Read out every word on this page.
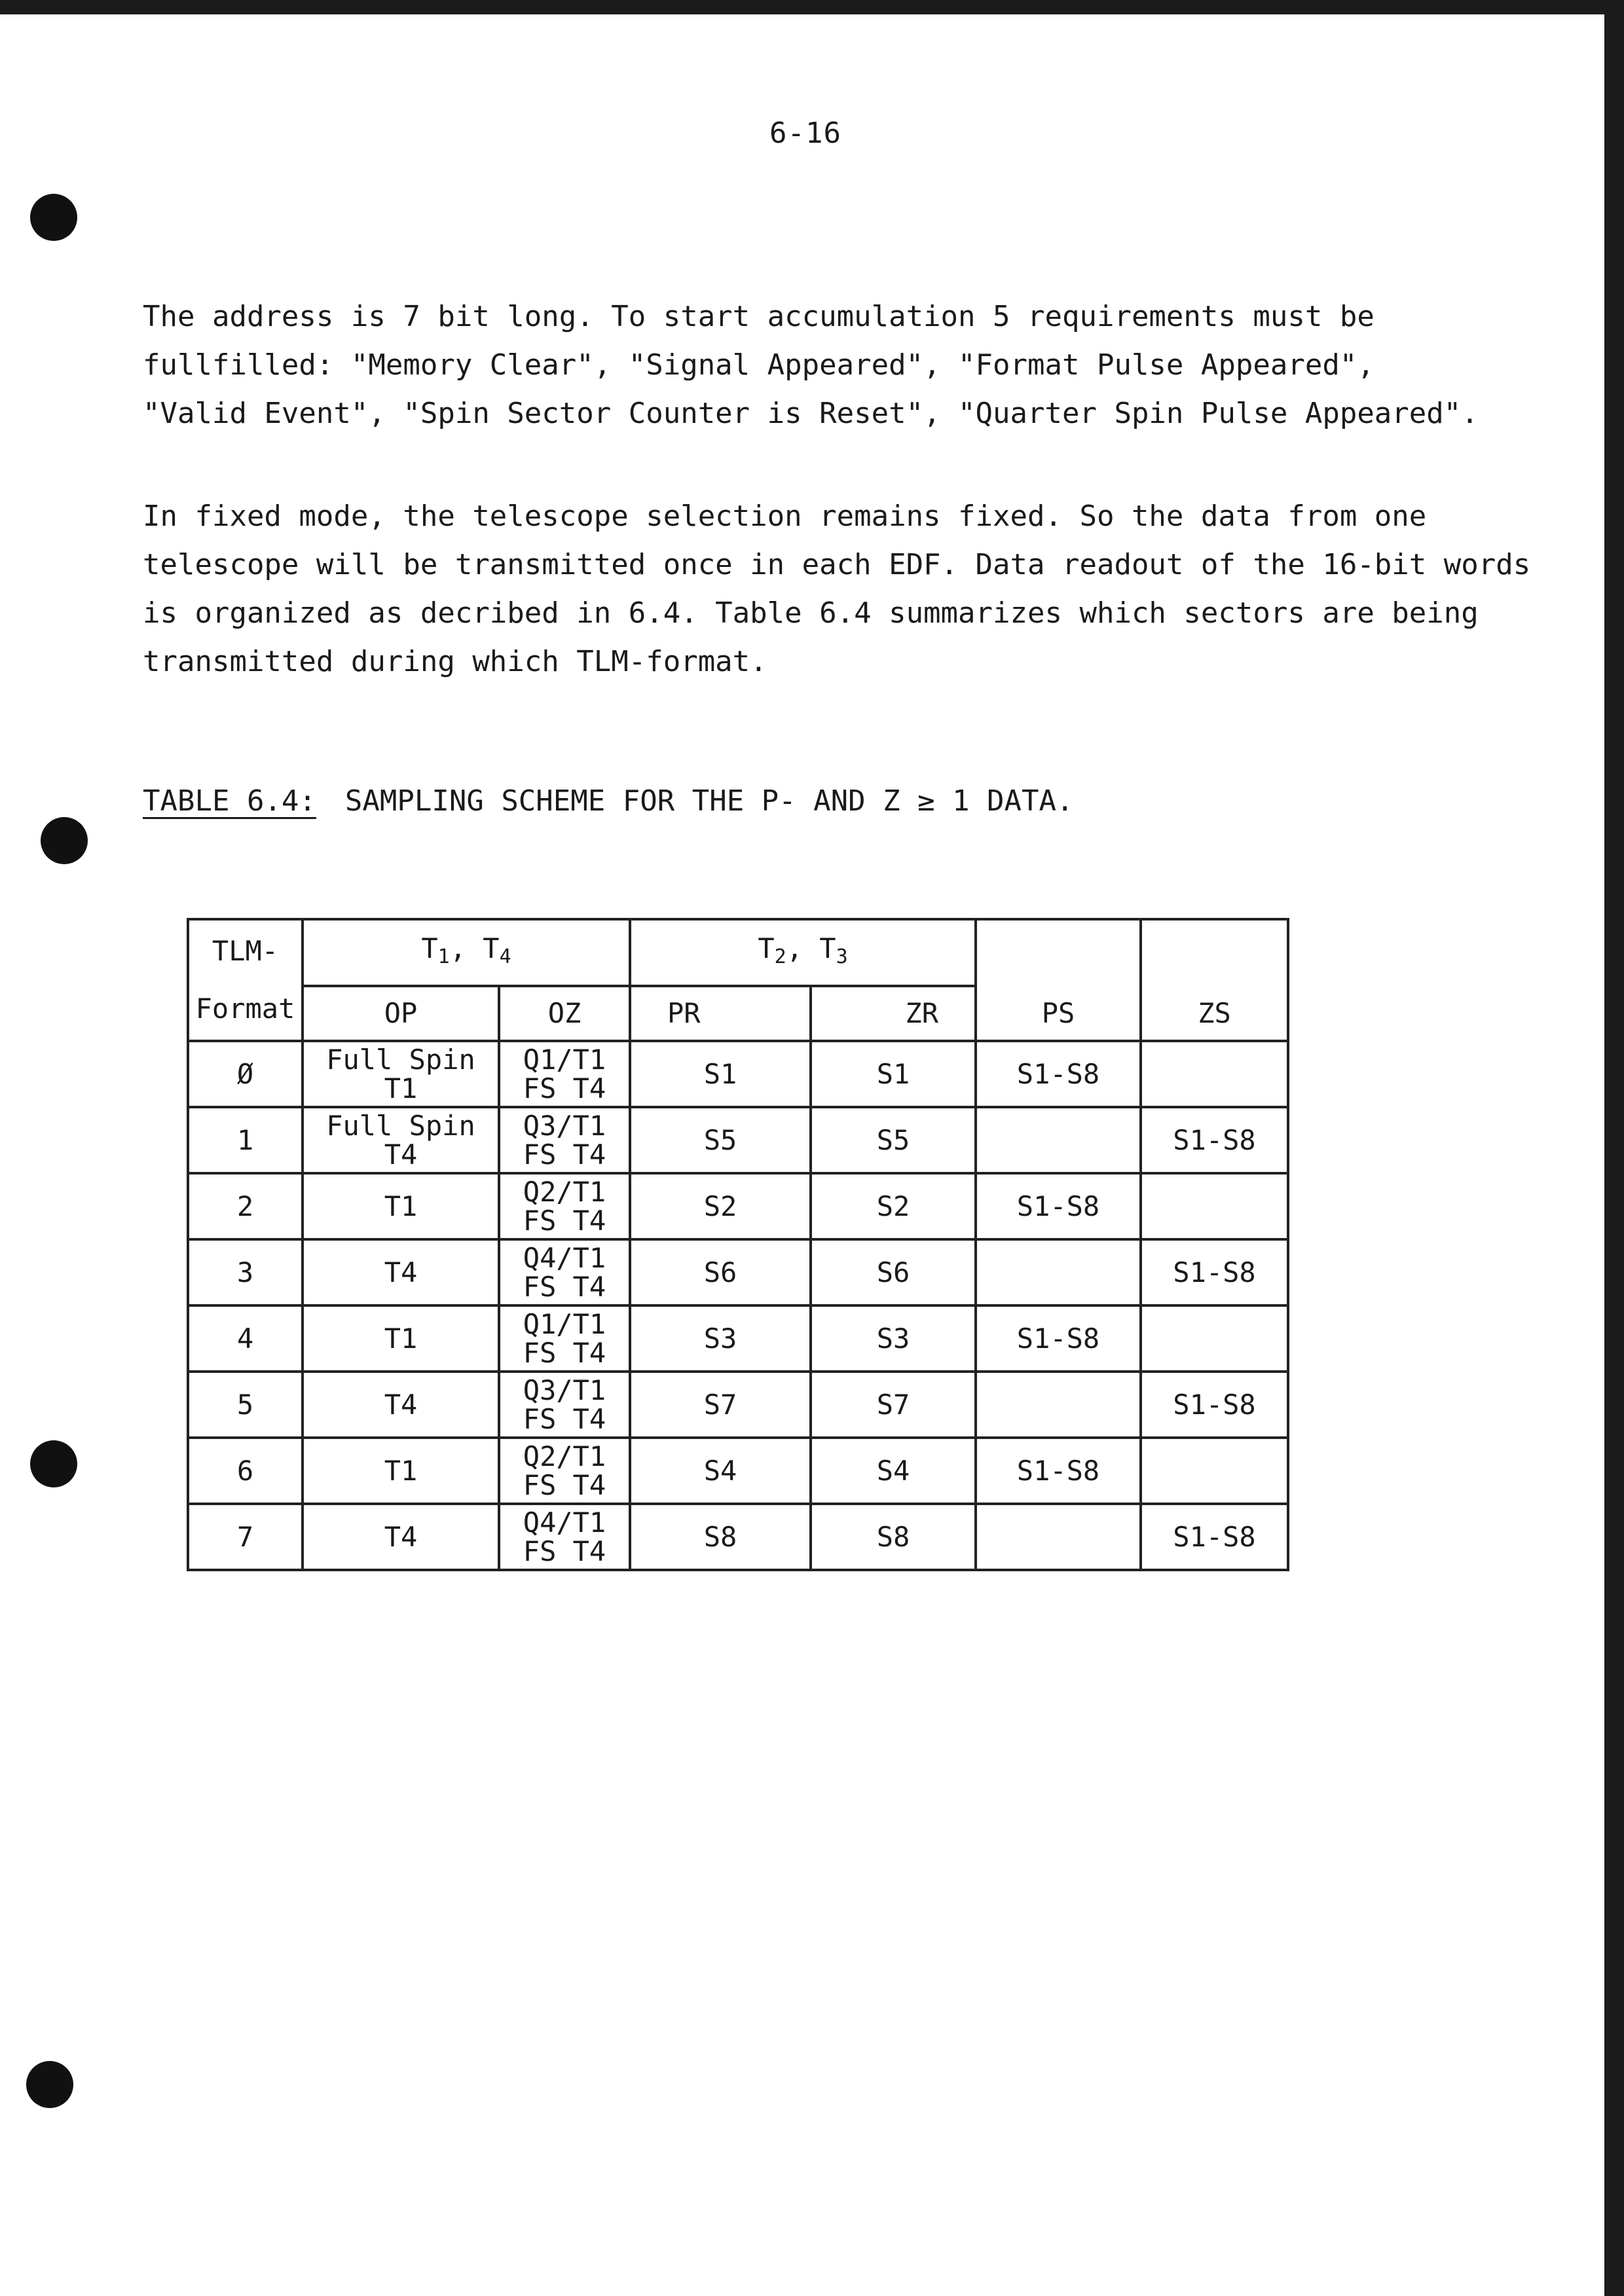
6-16

The address is 7 bit long. To start accumulation 5 requirements must be
fullfilled: "Memory Clear", "Signal Appeared", "Format Pulse Appeared",
"Valid Event", "Spin Sector Counter is Reset", "Quarter Spin Pulse Appeared".

In fixed mode, the telescope selection remains fixed. So the data from one
telescope will be transmitted once in each EDF. Data readout of the 16-bit words
is organized as decribed in 6.4. Table 6.4 summarizes which sectors are being
transmitted during which TLM-format.

TABLE 6.4: SAMPLING SCHEME FOR THE P- AND Z ≥ 1 DATA.
TLM-
Format	$T_1$, $T_4$		$T_2$, $T_3$		PS	ZS
	OP	OZ	PR	ZR		
Ø	Full Spin
T1	Q1/T1
FS T4	S1	S1	S1-S8	
1	Full Spin
T4	Q3/T1
FS T4	S5	S5		S1-S8
2	T1	Q2/T1
FS T4	S2	S2	S1-S8	
3	T4	Q4/T1
FS T4	S6	S6		S1-S8
4	T1	Q1/T1
FS T4	S3	S3	S1-S8	
5	T4	Q3/T1
FS T4	S7	S7		S1-S8
6	T1	Q2/T1
FS T4	S4	S4	S1-S8	
7	T4	Q4/T1
FS T4	S8	S8		S1-S8
